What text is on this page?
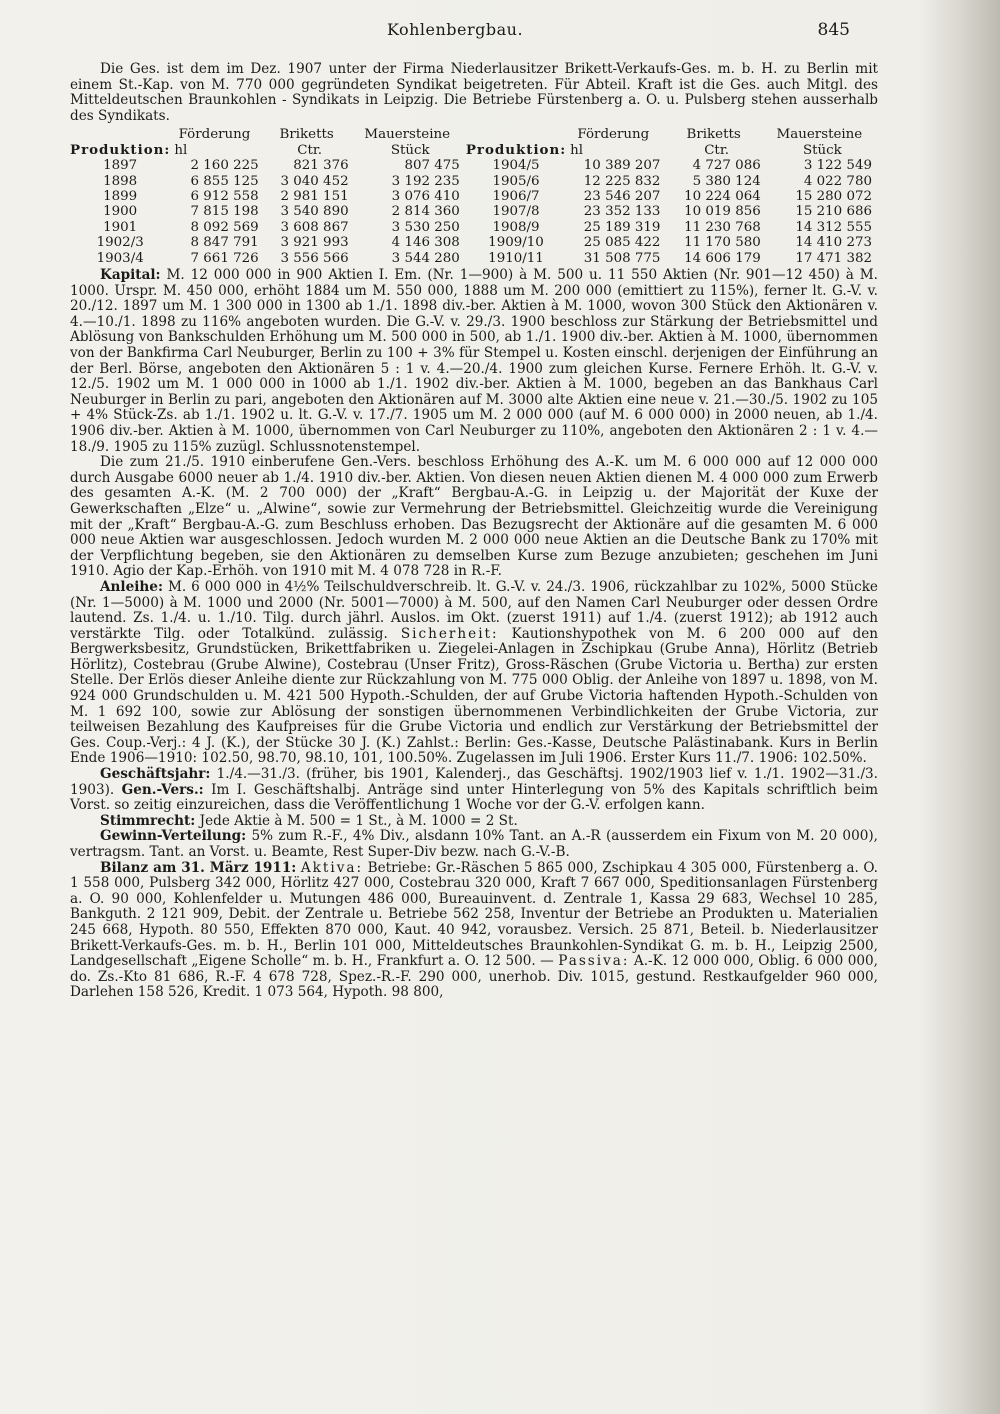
Kohlenbergbau.	845

Die Ges. ist dem im Dez. 1907 unter der Firma Niederlausitzer Brikett-Verkaufs-Ges. m. b. H. zu Berlin mit einem St.-Kap. von M. 770 000 gegründeten Syndikat beigetreten. Für Abteil. Kraft ist die Ges. auch Mitgl. des Mitteldeutschen Braunkohlen - Syndikats in Leipzig. Die Betriebe Fürstenberg a. O. u. Pulsberg stehen ausserhalb des Syndikats.

	Förderung	Briketts	Mauersteine		Förderung	Briketts	Mauersteine
Produktion:	hl	Ctr.	Stück	Produktion:	hl	Ctr.	Stück
1897	2 160 225	821 376	807 475	1904/5	10 389 207	4 727 086	3 122 549
1898	6 855 125	3 040 452	3 192 235	1905/6	12 225 832	5 380 124	4 022 780
1899	6 912 558	2 981 151	3 076 410	1906/7	23 546 207	10 224 064	15 280 072
1900	7 815 198	3 540 890	2 814 360	1907/8	23 352 133	10 019 856	15 210 686
1901	8 092 569	3 608 867	3 530 250	1908/9	25 189 319	11 230 768	14 312 555
1902/3	8 847 791	3 921 993	4 146 308	1909/10	25 085 422	11 170 580	14 410 273
1903/4	7 661 726	3 556 566	3 544 280	1910/11	31 508 775	14 606 179	17 471 382

Kapital: M. 12 000 000 in 900 Aktien I. Em. (Nr. 1—900) à M. 500 u. 11 550 Aktien (Nr. 901—12 450) à M. 1000. Urspr. M. 450 000, erhöht 1884 um M. 550 000, 1888 um M. 200 000 (emittiert zu 115%), ferner lt. G.-V. v. 20./12. 1897 um M. 1 300 000 in 1300 ab 1./1. 1898 div.-ber. Aktien à M. 1000, wovon 300 Stück den Aktionären v. 4.—10./1. 1898 zu 116% angeboten wurden. Die G.-V. v. 29./3. 1900 beschloss zur Stärkung der Betriebsmittel und Ablösung von Bankschulden Erhöhung um M. 500 000 in 500, ab 1./1. 1900 div.-ber. Aktien à M. 1000, übernommen von der Bankfirma Carl Neuburger, Berlin zu 100 + 3% für Stempel u. Kosten einschl. derjenigen der Einführung an der Berl. Börse, angeboten den Aktionären 5 : 1 v. 4.—20./4. 1900 zum gleichen Kurse. Fernere Erhöh. lt. G.-V. v. 12./5. 1902 um M. 1 000 000 in 1000 ab 1./1. 1902 div.-ber. Aktien à M. 1000, begeben an das Bankhaus Carl Neuburger in Berlin zu pari, angeboten den Aktionären auf M. 3000 alte Aktien eine neue v. 21.—30./5. 1902 zu 105 + 4% Stück-Zs. ab 1./1. 1902 u. lt. G.-V. v. 17./7. 1905 um M. 2 000 000 (auf M. 6 000 000) in 2000 neuen, ab 1./4. 1906 div.-ber. Aktien à M. 1000, übernommen von Carl Neuburger zu 110%, angeboten den Aktionären 2 : 1 v. 4.—18./9. 1905 zu 115% zuzügl. Schlussnotenstempel.

Die zum 21./5. 1910 einberufene Gen.-Vers. beschloss Erhöhung des A.-K. um M. 6 000 000 auf 12 000 000 durch Ausgabe 6000 neuer ab 1./4. 1910 div.-ber. Aktien. Von diesen neuen Aktien dienen M. 4 000 000 zum Erwerb des gesamten A.-K. (M. 2 700 000) der „Kraft“ Bergbau-A.-G. in Leipzig u. der Majorität der Kuxe der Gewerkschaften „Elze“ u. „Alwine“, sowie zur Vermehrung der Betriebsmittel. Gleichzeitig wurde die Vereinigung mit der „Kraft“ Bergbau-A.-G. zum Beschluss erhoben. Das Bezugsrecht der Aktionäre auf die gesamten M. 6 000 000 neue Aktien war ausgeschlossen. Jedoch wurden M. 2 000 000 neue Aktien an die Deutsche Bank zu 170% mit der Verpflichtung begeben, sie den Aktionären zu demselben Kurse zum Bezuge anzubieten; geschehen im Juni 1910. Agio der Kap.-Erhöh. von 1910 mit M. 4 078 728 in R.-F.

Anleihe: M. 6 000 000 in 4½% Teilschuldverschreib. lt. G.-V. v. 24./3. 1906, rückzahlbar zu 102%, 5000 Stücke (Nr. 1—5000) à M. 1000 und 2000 (Nr. 5001—7000) à M. 500, auf den Namen Carl Neuburger oder dessen Ordre lautend. Zs. 1./4. u. 1./10. Tilg. durch jährl. Auslos. im Okt. (zuerst 1911) auf 1./4. (zuerst 1912); ab 1912 auch verstärkte Tilg. oder Totalkünd. zulässig. Sicherheit: Kautionshypothek von M. 6 200 000 auf den Bergwerksbesitz, Grundstücken, Brikettfabriken u. Ziegelei-Anlagen in Zschipkau (Grube Anna), Hörlitz (Betrieb Hörlitz), Costebrau (Grube Alwine), Costebrau (Unser Fritz), Gross-Räschen (Grube Victoria u. Bertha) zur ersten Stelle. Der Erlös dieser Anleihe diente zur Rückzahlung von M. 775 000 Oblig. der Anleihe von 1897 u. 1898, von M. 924 000 Grundschulden u. M. 421 500 Hypoth.-Schulden, der auf Grube Victoria haftenden Hypoth.-Schulden von M. 1 692 100, sowie zur Ablösung der sonstigen übernommenen Verbindlichkeiten der Grube Victoria, zur teilweisen Bezahlung des Kaufpreises für die Grube Victoria und endlich zur Verstärkung der Betriebsmittel der Ges. Coup.-Verj.: 4 J. (K.), der Stücke 30 J. (K.) Zahlst.: Berlin: Ges.-Kasse, Deutsche Palästinabank. Kurs in Berlin Ende 1906—1910: 102.50, 98.70, 98.10, 101, 100.50%. Zugelassen im Juli 1906. Erster Kurs 11./7. 1906: 102.50%.

Geschäftsjahr: 1./4.—31./3. (früher, bis 1901, Kalenderj., das Geschäftsj. 1902/1903 lief v. 1./1. 1902—31./3. 1903). Gen.-Vers.: Im I. Geschäftshalbj. Anträge sind unter Hinterlegung von 5% des Kapitals schriftlich beim Vorst. so zeitig einzureichen, dass die Veröffentlichung 1 Woche vor der G.-V. erfolgen kann.

Stimmrecht: Jede Aktie à M. 500 = 1 St., à M. 1000 = 2 St.

Gewinn-Verteilung: 5% zum R.-F., 4% Div., alsdann 10% Tant. an A.-R (ausserdem ein Fixum von M. 20 000), vertragsm. Tant. an Vorst. u. Beamte, Rest Super-Div bezw. nach G.-V.-B.

Bilanz am 31. März 1911: Aktiva: Betriebe: Gr.-Räschen 5 865 000, Zschipkau 4 305 000, Fürstenberg a. O. 1 558 000, Pulsberg 342 000, Hörlitz 427 000, Costebrau 320 000, Kraft 7 667 000, Speditionsanlagen Fürstenberg a. O. 90 000, Kohlenfelder u. Mutungen 486 000, Bureauinvent. d. Zentrale 1, Kassa 29 683, Wechsel 10 285, Bankguth. 2 121 909, Debit. der Zentrale u. Betriebe 562 258, Inventur der Betriebe an Produkten u. Materialien 245 668, Hypoth. 80 550, Effekten 870 000, Kaut. 40 942, vorausbez. Versich. 25 871, Beteil. b. Niederlausitzer Brikett-Verkaufs-Ges. m. b. H., Berlin 101 000, Mitteldeutsches Braunkohlen-Syndikat G. m. b. H., Leipzig 2500, Landgesellschaft „Eigene Scholle“ m. b. H., Frankfurt a. O. 12 500. — Passiva: A.-K. 12 000 000, Oblig. 6 000 000, do. Zs.-Kto 81 686, R.-F. 4 678 728, Spez.-R.-F. 290 000, unerhob. Div. 1015, gestund. Restkaufgelder 960 000, Darlehen 158 526, Kredit. 1 073 564, Hypoth. 98 800,
